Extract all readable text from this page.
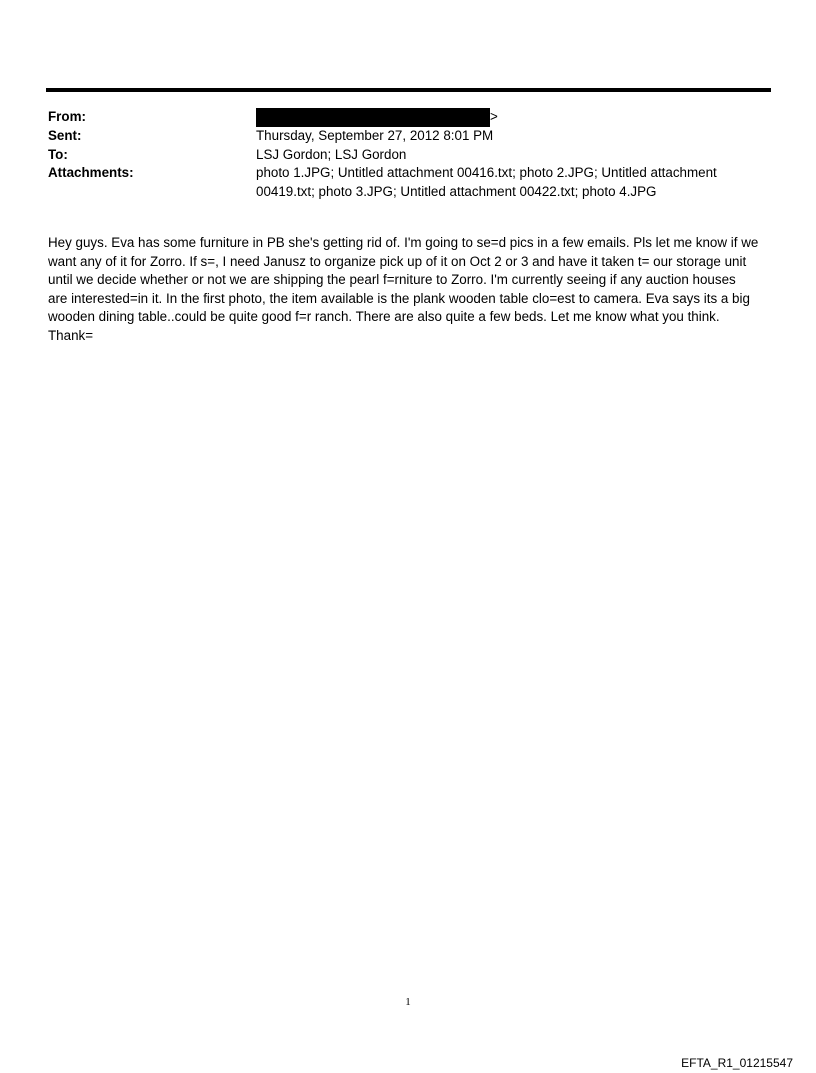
From:	>
Sent:	Thursday, September 27, 2012 8:01 PM
To:	LSJ Gordon; LSJ Gordon
Attachments:	photo 1.JPG; Untitled attachment 00416.txt; photo 2.JPG; Untitled attachment
00419.txt; photo 3.JPG; Untitled attachment 00422.txt; photo 4.JPG
Hey guys. Eva has some furniture in PB she's getting rid of. I'm going to se=d pics in a few emails. Pls let me know if we
want any of it for Zorro. If s=, I need Janusz to organize pick up of it on Oct 2 or 3 and have it taken t= our storage unit
until we decide whether or not we are shipping the pearl f=rniture to Zorro. I'm currently seeing if any auction houses
are interested=in it. In the first photo, the item available is the plank wooden table clo=est to camera. Eva says its a big
wooden dining table..could be quite good f=r ranch. There are also quite a few beds. Let me know what you think.
Thank=
1
EFTA_R1_01215547
